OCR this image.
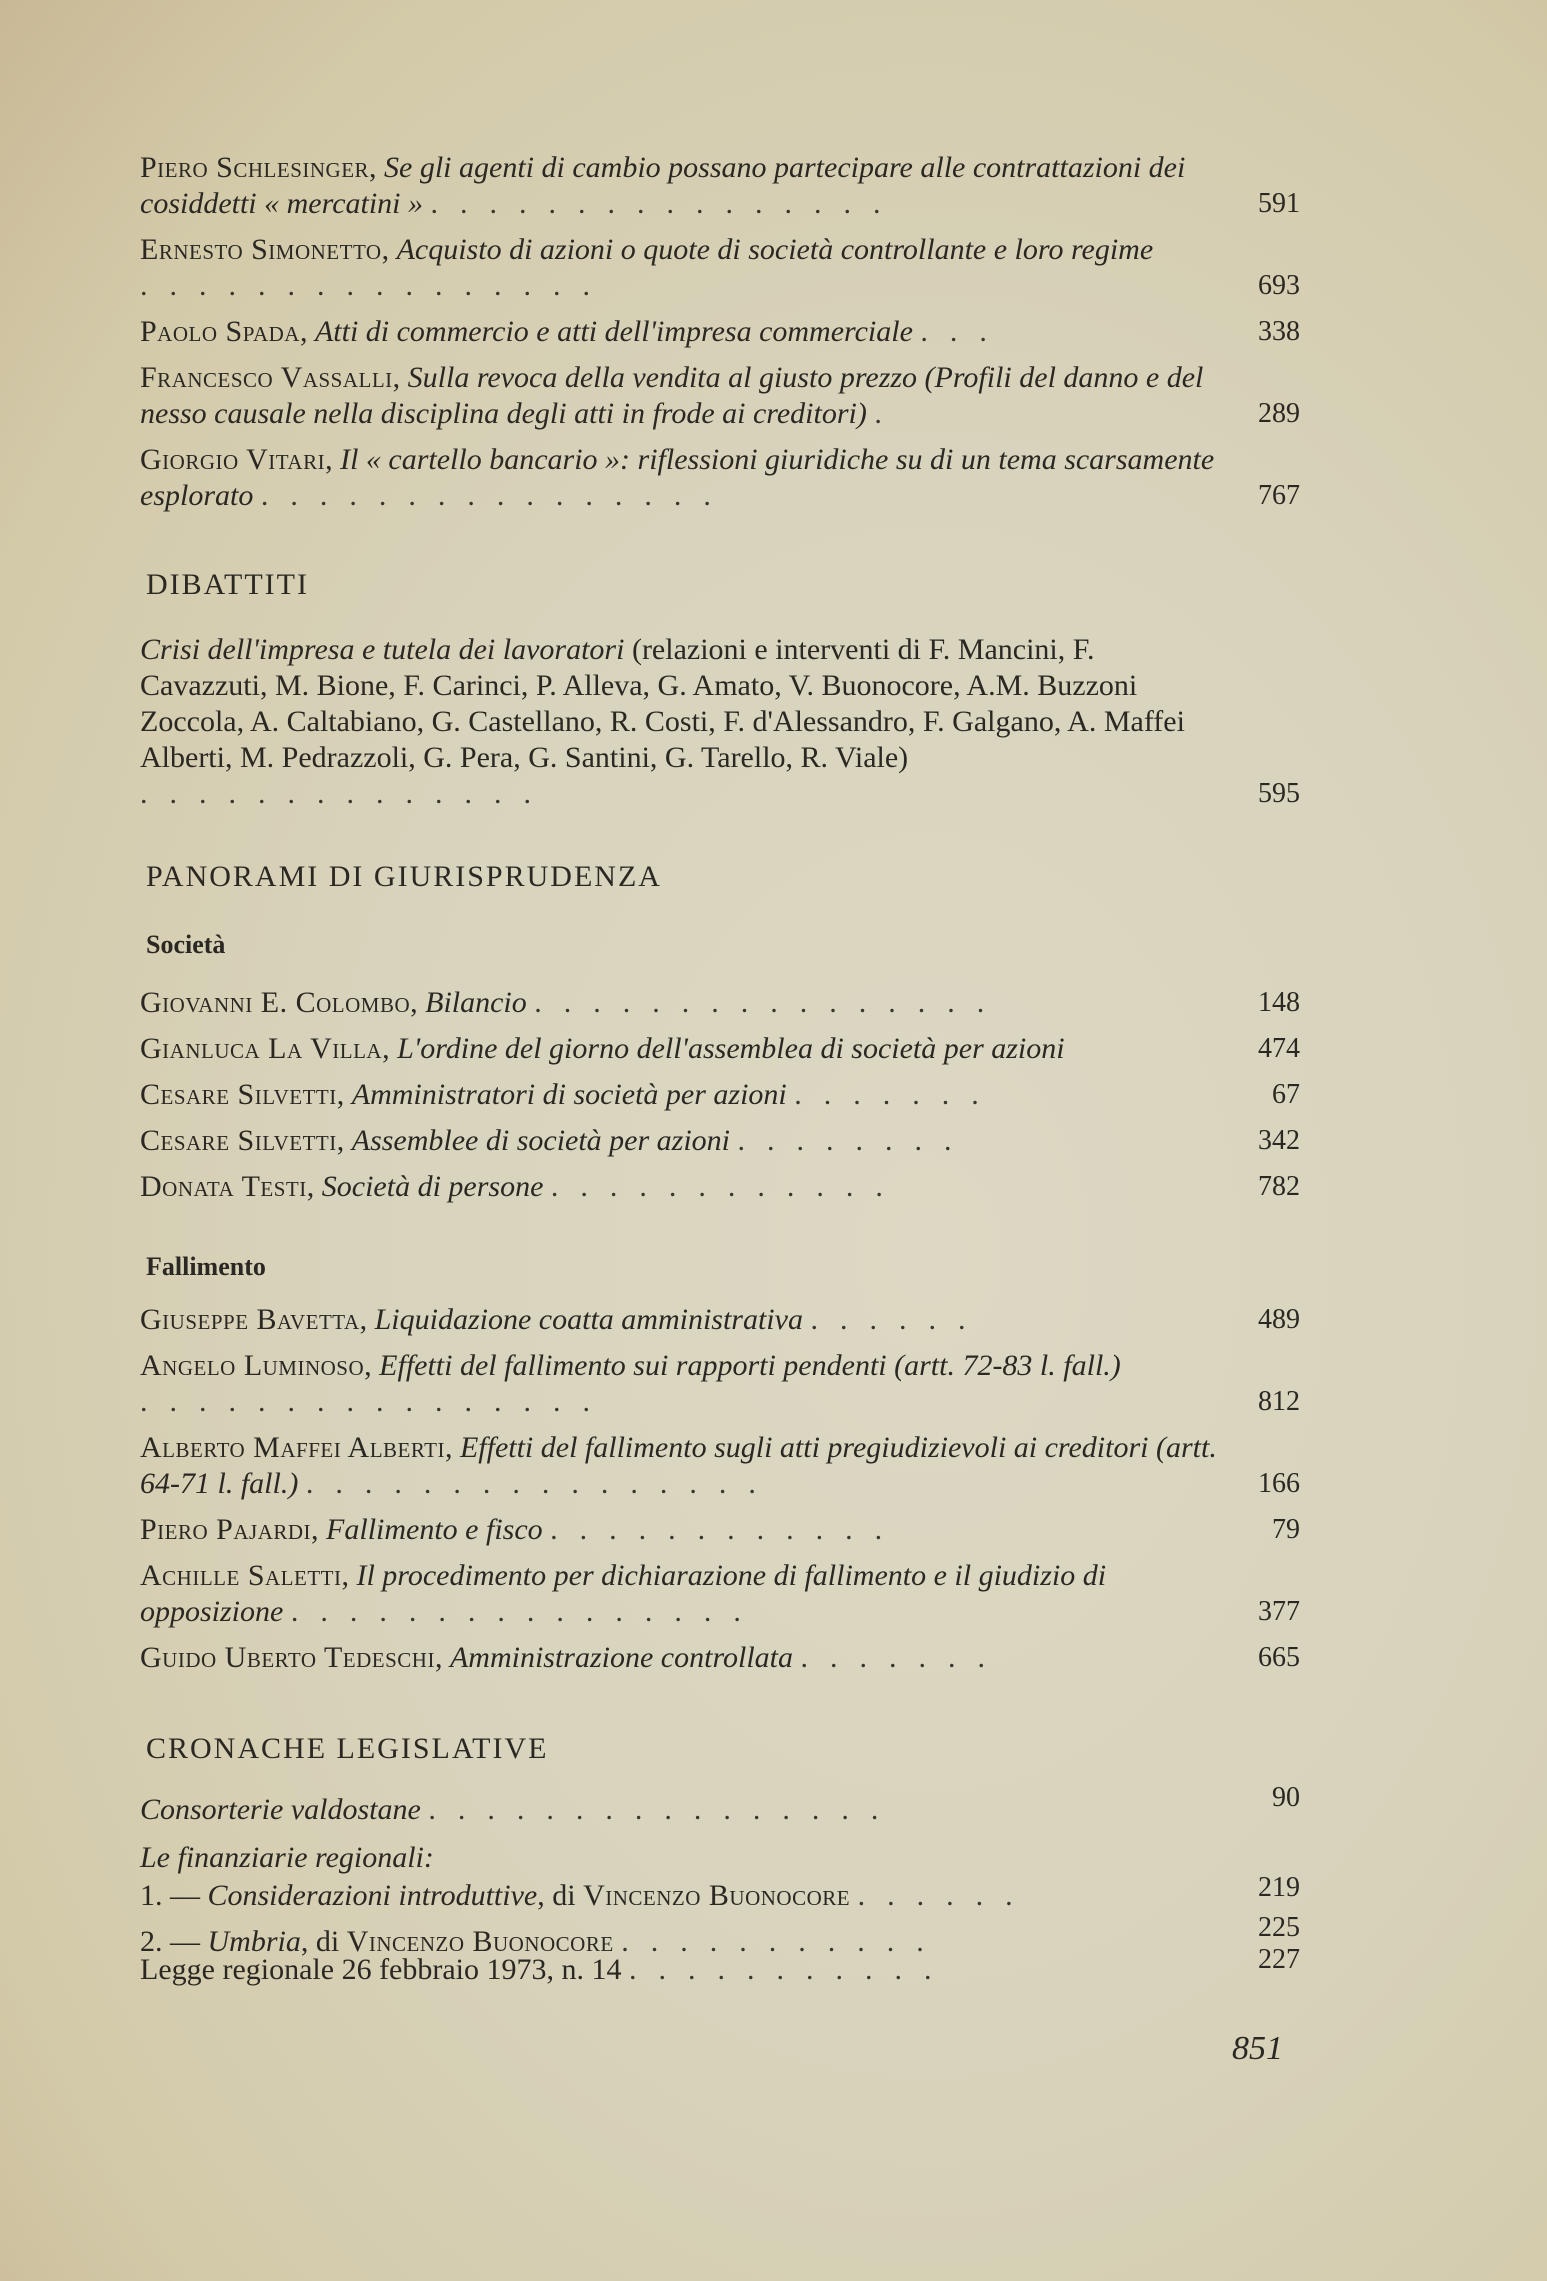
Piero Schlesinger, Se gli agenti di cambio possano partecipare alle contrattazioni dei cosiddetti « mercatini » ................	591
Ernesto Simonetto, Acquisto di azioni o quote di società controllante e loro regime ................	693
Paolo Spada, Atti di commercio e atti dell'impresa commerciale ...	338
Francesco Vassalli, Sulla revoca della vendita al giusto prezzo (Profili del danno e del nesso causale nella disciplina degli atti in frode ai creditori) .	289
Giorgio Vitari, Il « cartello bancario »: riflessioni giuridiche su di un tema scarsamente esplorato ................	767
DIBATTITI
Crisi dell'impresa e tutela dei lavoratori (relazioni e interventi di F. Mancini, F. Cavazzuti, M. Bione, F. Carinci, P. Alleva, G. Amato, V. Buonocore, A.M. Buzzoni Zoccola, A. Caltabiano, G. Castellano, R. Costi, F. d'Alessandro, F. Galgano, A. Maffei Alberti, M. Pedrazzoli, G. Pera, G. Santini, G. Tarello, R. Viale) ..............	595
PANORAMI DI GIURISPRUDENZA
Società
Giovanni E. Colombo, Bilancio ................	148
Gianluca La Villa, L'ordine del giorno dell'assemblea di società per azioni	474
Cesare Silvetti, Amministratori di società per azioni .......	67
Cesare Silvetti, Assemblee di società per azioni ........	342
Donata Testi, Società di persone ............	782
Fallimento
Giuseppe Bavetta, Liquidazione coatta amministrativa ......	489
Angelo Luminoso, Effetti del fallimento sui rapporti pendenti (artt. 72-83 l. fall.) ................	812
Alberto Maffei Alberti, Effetti del fallimento sugli atti pregiudizievoli ai creditori (artt. 64-71 l. fall.) ................	166
Piero Pajardi, Fallimento e fisco ............	79
Achille Saletti, Il procedimento per dichiarazione di fallimento e il giudizio di opposizione ................	377
Guido Uberto Tedeschi, Amministrazione controllata .......	665
CRONACHE LEGISLATIVE
Consorterie valdostane ................	90
Le finanziarie regionali:
1. — Considerazioni introduttive, di Vincenzo Buonocore ......	219
2. — Umbria, di Vincenzo Buonocore ...........	225
Legge regionale 26 febbraio 1973, n. 14 ...........	227
851
